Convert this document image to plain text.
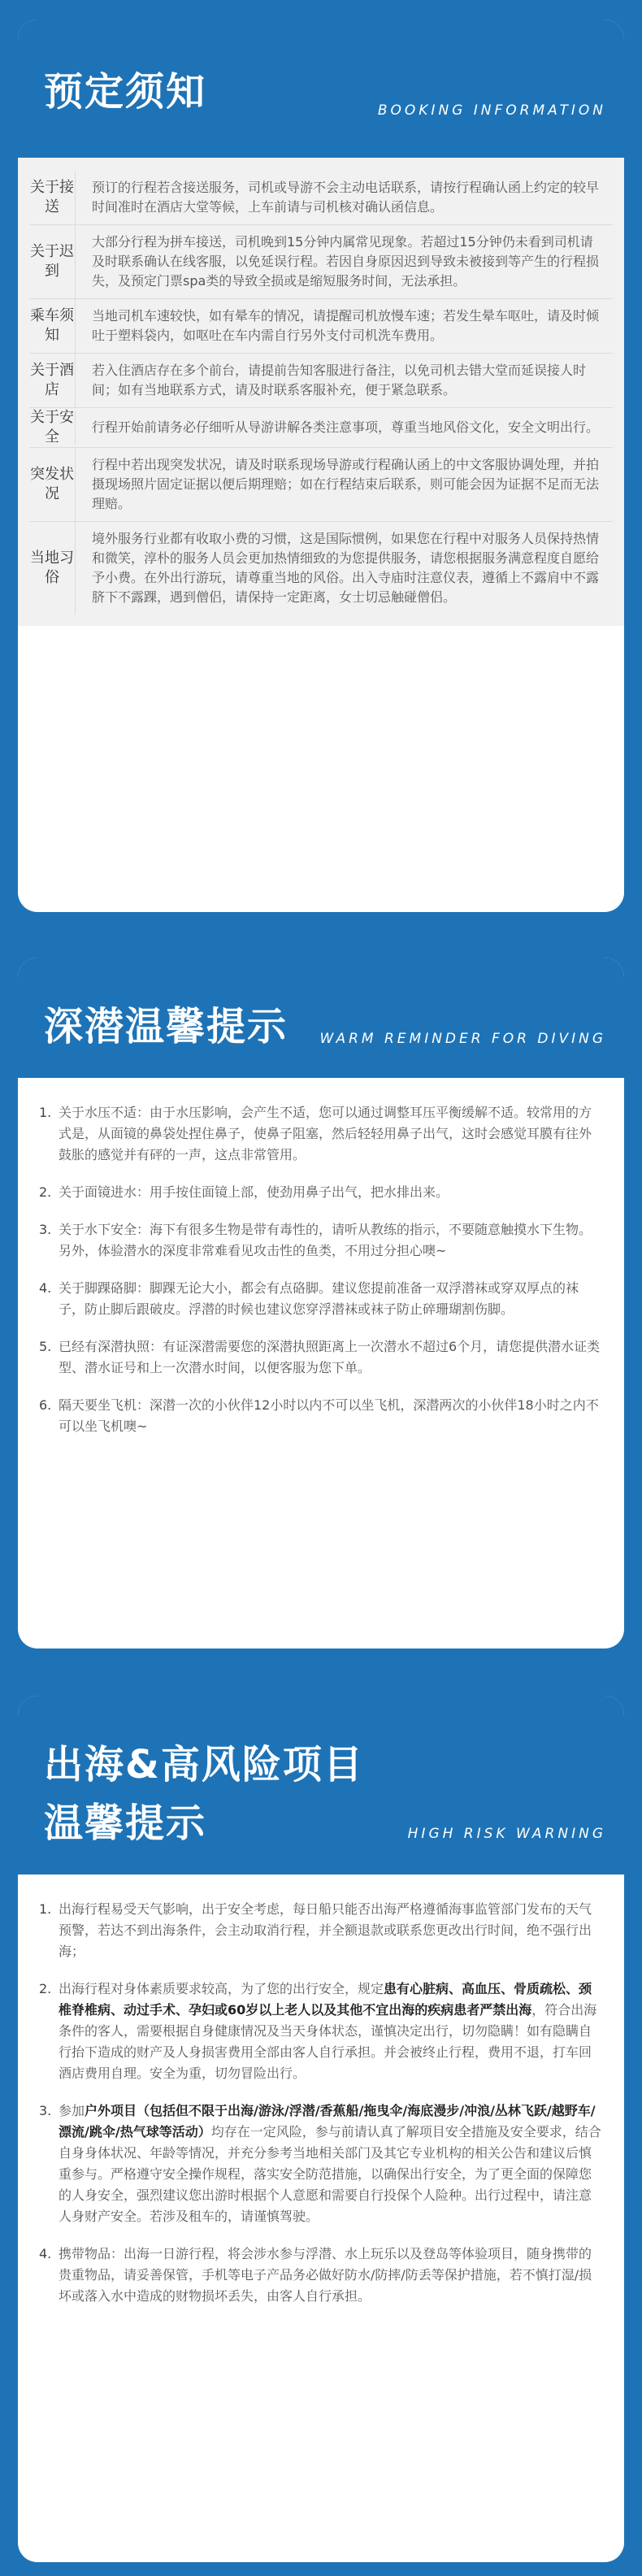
预定须知	BOOKING INFORMATION
关于接送
预订的行程若含接送服务，司机或导游不会主动电话联系，请按行程确认函上约定的较早时间准时在酒店大堂等候，上车前请与司机核对确认函信息。
关于迟到
大部分行程为拼车接送，司机晚到15分钟内属常见现象。若超过15分钟仍未看到司机请及时联系确认在线客服，以免延误行程。若因自身原因迟到导致未被接到等产生的行程损失，及预定门票spa类的导致全损或是缩短服务时间，无法承担。
乘车须知
当地司机车速较快，如有晕车的情况，请提醒司机放慢车速；若发生晕车呕吐，请及时倾吐于塑料袋内，如呕吐在车内需自行另外支付司机洗车费用。
关于酒店
若入住酒店存在多个前台，请提前告知客服进行备注，以免司机去错大堂而延误接人时间；如有当地联系方式，请及时联系客服补充，便于紧急联系。
关于安全
行程开始前请务必仔细听从导游讲解各类注意事项，尊重当地风俗文化，安全文明出行。
突发状况
行程中若出现突发状况，请及时联系现场导游或行程确认函上的中文客服协调处理，并拍摄现场照片固定证据以便后期理赔；如在行程结束后联系，则可能会因为证据不足而无法理赔。
当地习俗
境外服务行业都有收取小费的习惯，这是国际惯例，如果您在行程中对服务人员保持热情和微笑，淳朴的服务人员会更加热情细致的为您提供服务，请您根据服务满意程度自愿给予小费。在外出行游玩，请尊重当地的风俗。出入寺庙时注意仪表，遵循上不露肩中不露脐下不露踝，遇到僧侣，请保持一定距离，女士切忌触碰僧侣。
深潜温馨提示 WARM REMINDER FOR DIVING
1. 关于水压不适：由于水压影响，会产生不适，您可以通过调整耳压平衡缓解不适。较常用的方式是，从面镜的鼻袋处捏住鼻子，使鼻子阻塞，然后轻轻用鼻子出气，这时会感觉耳膜有往外鼓胀的感觉并有砰的一声，这点非常管用。
2. 关于面镜进水：用手按住面镜上部，使劲用鼻子出气，把水排出来。
3. 关于水下安全：海下有很多生物是带有毒性的，请听从教练的指示，不要随意触摸水下生物。另外，体验潜水的深度非常难看见攻击性的鱼类，不用过分担心噢~
4. 关于脚踝硌脚：脚踝无论大小，都会有点硌脚。建议您提前准备一双浮潜袜或穿双厚点的袜子，防止脚后跟破皮。浮潜的时候也建议您穿浮潜袜或袜子防止碎珊瑚割伤脚。
5. 已经有深潜执照：有证深潜需要您的深潜执照距离上一次潜水不超过6个月，请您提供潜水证类型、潜水证号和上一次潜水时间，以便客服为您下单。
6. 隔天要坐飞机：深潜一次的小伙伴12小时以内不可以坐飞机，深潜两次的小伙伴18小时之内不可以坐飞机噢~
出海&高风险项目
温馨提示	HIGH RISK WARNING
1. 出海行程易受天气影响，出于安全考虑，每日船只能否出海严格遵循海事监管部门发布的天气预警，若达不到出海条件，会主动取消行程，并全额退款或联系您更改出行时间，绝不强行出海；
2. 出海行程对身体素质要求较高，为了您的出行安全，规定患有心脏病、高血压、骨质疏松、颈椎脊椎病、动过手术、孕妇或60岁以上老人以及其他不宜出海的疾病患者严禁出海，符合出海条件的客人，需要根据自身健康情况及当天身体状态，谨慎决定出行，切勿隐瞒！如有隐瞒自行抬下造成的财产及人身损害费用全部由客人自行承担。并会被终止行程，费用不退，打车回酒店费用自理。安全为重，切勿冒险出行。
3. 参加户外项目（包括但不限于出海/游泳/浮潜/香蕉船/拖曳伞/海底漫步/冲浪/丛林飞跃/越野车/漂流/跳伞/热气球等活动）均存在一定风险，参与前请认真了解项目安全措施及安全要求，结合自身身体状况、年龄等情况，并充分参考当地相关部门及其它专业机构的相关公告和建议后慎重参与。严格遵守安全操作规程，落实安全防范措施，以确保出行安全，为了更全面的保障您的人身安全，强烈建议您出游时根据个人意愿和需要自行投保个人险种。出行过程中，请注意人身财产安全。若涉及租车的，请谨慎驾驶。
4. 携带物品：出海一日游行程，将会涉水参与浮潜、水上玩乐以及登岛等体验项目，随身携带的贵重物品，请妥善保管，手机等电子产品务必做好防水/防摔/防丢等保护措施，若不慎打湿/损坏或落入水中造成的财物损坏丢失，由客人自行承担。
